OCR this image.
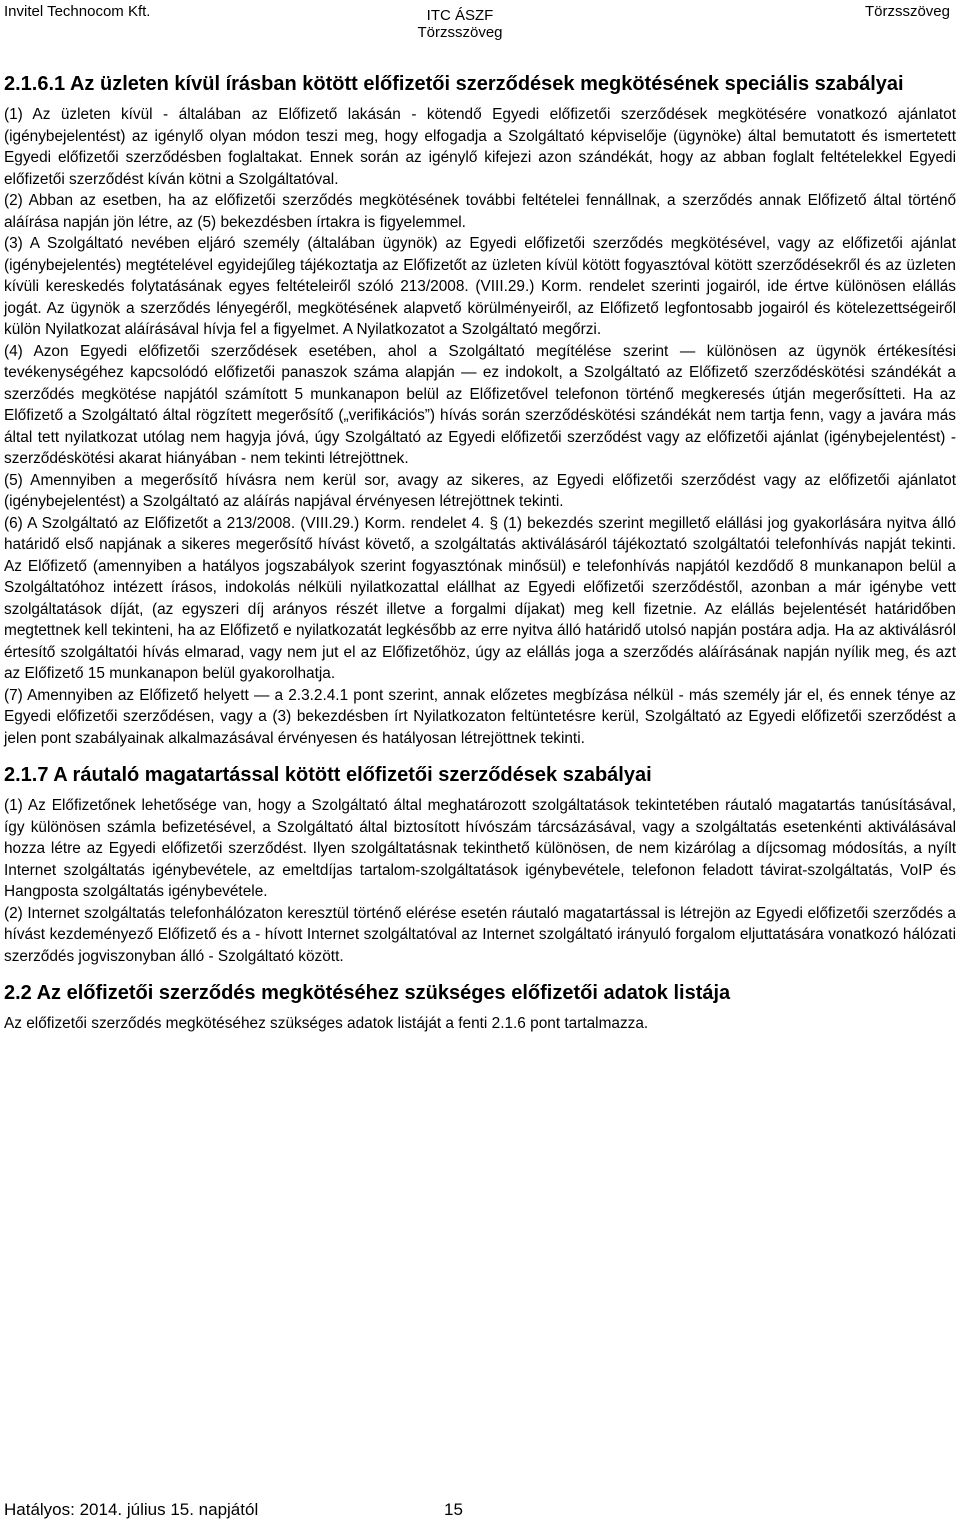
Invitel Technocom Kft.	ITC ÁSZF
Törzsszöveg
Törzsszöveg
2.1.6.1 Az üzleten kívül írásban kötött előfizetői szerződések megkötésének speciális szabályai

(1) Az üzleten kívül - általában az Előfizető lakásán - kötendő Egyedi előfizetői szerződések megkötésére vonatkozó ajánlatot (igénybejelentést) az igénylő olyan módon teszi meg, hogy elfogadja a Szolgáltató képviselője (ügynöke) által bemutatott és ismertetett Egyedi előfizetői szerződésben foglaltakat. Ennek során az igénylő kifejezi azon szándékát, hogy az abban foglalt feltételekkel Egyedi előfizetői szerződést kíván kötni a Szolgáltatóval.

(2) Abban az esetben, ha az előfizetői szerződés megkötésének további feltételei fennállnak, a szerződés annak Előfizető által történő aláírása napján jön létre, az (5) bekezdésben írtakra is figyelemmel.

(3) A Szolgáltató nevében eljáró személy (általában ügynök) az Egyedi előfizetői szerződés megkötésével, vagy az előfizetői ajánlat (igénybejelentés) megtételével egyidejűleg tájékoztatja az Előfizetőt az üzleten kívül kötött fogyasztóval kötött szerződésekről és az üzleten kívüli kereskedés folytatásának egyes feltételeiről szóló 213/2008. (VIII.29.) Korm. rendelet szerinti jogairól, ide értve különösen elállás jogát. Az ügynök a szerződés lényegéről, megkötésének alapvető körülményeiről, az Előfizető legfontosabb jogairól és kötelezettségeiről külön Nyilatkozat aláírásával hívja fel a figyelmet. A Nyilatkozatot a Szolgáltató megőrzi.

(4) Azon Egyedi előfizetői szerződések esetében, ahol a Szolgáltató megítélése szerint — különösen az ügynök értékesítési tevékenységéhez kapcsolódó előfizetői panaszok száma alapján — ez indokolt, a Szolgáltató az Előfizető szerződéskötési szándékát a szerződés megkötése napjától számított 5 munkanapon belül az Előfizetővel telefonon történő megkeresés útján megerősítteti. Ha az Előfizető a Szolgáltató által rögzített megerősítő („verifikációs”) hívás során szerződéskötési szándékát nem tartja fenn, vagy a javára más által tett nyilatkozat utólag nem hagyja jóvá, úgy Szolgáltató az Egyedi előfizetői szerződést vagy az előfizetői ajánlat (igénybejelentést) - szerződéskötési akarat hiányában - nem tekinti létrejöttnek.

(5) Amennyiben a megerősítő hívásra nem kerül sor, avagy az sikeres, az Egyedi előfizetői szerződést vagy az előfizetői ajánlatot (igénybejelentést) a Szolgáltató az aláírás napjával érvényesen létrejöttnek tekinti.

(6) A Szolgáltató az Előfizetőt a 213/2008. (VIII.29.) Korm. rendelet 4. § (1) bekezdés szerint megillető elállási jog gyakorlására nyitva álló határidő első napjának a sikeres megerősítő hívást követő, a szolgáltatás aktiválásáról tájékoztató szolgáltatói telefonhívás napját tekinti. Az Előfizető (amennyiben a hatályos jogszabályok szerint fogyasztónak minősül) e telefonhívás napjától kezdődő 8 munkanapon belül a Szolgáltatóhoz intézett írásos, indokolás nélküli nyilatkozattal elállhat az Egyedi előfizetői szerződéstől, azonban a már igénybe vett szolgáltatások díját, (az egyszeri díj arányos részét illetve a forgalmi díjakat) meg kell fizetnie. Az elállás bejelentését határidőben megtettnek kell tekinteni, ha az Előfizető e nyilatkozatát legkésőbb az erre nyitva álló határidő utolsó napján postára adja. Ha az aktiválásról értesítő szolgáltatói hívás elmarad, vagy nem jut el az Előfizetőhöz, úgy az elállás joga a szerződés aláírásának napján nyílik meg, és azt az Előfizető 15 munkanapon belül gyakorolhatja.

(7) Amennyiben az Előfizető helyett — a 2.3.2.4.1 pont szerint, annak előzetes megbízása nélkül - más személy jár el, és ennek ténye az Egyedi előfizetői szerződésen, vagy a (3) bekezdésben írt Nyilatkozaton feltüntetésre kerül, Szolgáltató az Egyedi előfizetői szerződést a jelen pont szabályainak alkalmazásával érvényesen és hatályosan létrejöttnek tekinti.

2.1.7 A ráutaló magatartással kötött előfizetői szerződések szabályai

(1) Az Előfizetőnek lehetősége van, hogy a Szolgáltató által meghatározott szolgáltatások tekintetében ráutaló magatartás tanúsításával, így különösen számla befizetésével, a Szolgáltató által biztosított hívószám tárcsázásával, vagy a szolgáltatás esetenkénti aktiválásával hozza létre az Egyedi előfizetői szerződést. Ilyen szolgáltatásnak tekinthető különösen, de nem kizárólag a díjcsomag módosítás, a nyílt Internet szolgáltatás igénybevétele, az emeltdíjas tartalom-szolgáltatások igénybevétele, telefonon feladott távirat-szolgáltatás, VoIP és Hangposta szolgáltatás igénybevétele.

(2) Internet szolgáltatás telefonhálózaton keresztül történő elérése esetén ráutaló magatartással is létrejön az Egyedi előfizetői szerződés a hívást kezdeményező Előfizető és a - hívott Internet szolgáltatóval az Internet szolgáltató irányuló forgalom eljuttatására vonatkozó hálózati szerződés jogviszonyban álló - Szolgáltató között.

2.2 Az előfizetői szerződés megkötéséhez szükséges előfizetői adatok listája

Az előfizetői szerződés megkötéséhez szükséges adatok listáját a fenti 2.1.6 pont tartalmazza.

Hatályos: 2014. július 15. napjától	15
